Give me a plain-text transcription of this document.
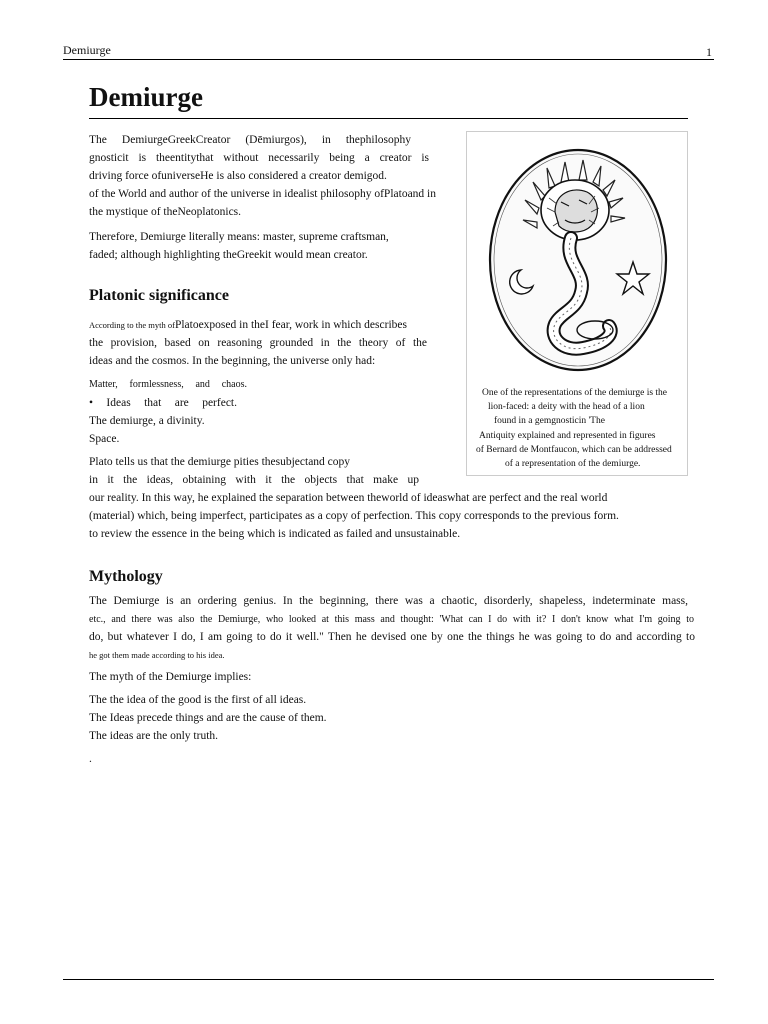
Demiurge	1
Demiurge
The DemiurgeGreekCreator (Dēmiurgos), in thephilosophy
gnosticit is theentitythat without necessarily being a creator is
driving force ofuniverseHe is also considered a creator demigod.
of the World and author of the universe in idealist philosophy ofPlatoand in
the mystique of theNeoplatonics.
Therefore, Demiurge literally means: master, supreme craftsman,
faded; although highlighting theGreekit would mean creator.
Platonic significance
According to the myth ofPlatoexposed in theI fear, work in which describes
the provision, based on reasoning grounded in the theory of the
ideas and the cosmos. In the beginning, the universe only had:
Matter, formlessness, and chaos.
• Ideas that are perfect.
The demiurge, a divinity.
Space.
Plato tells us that the demiurge pities thesubjectand copy
in it the ideas, obtaining with it the objects that make up
our reality. In this way, he explained the separation between theworld of ideaswhat are perfect and the real world
(material) which, being imperfect, participates as a copy of perfection. This copy corresponds to the previous form.
to review the essence in the being which is indicated as failed and unsustainable.
Mythology
The Demiurge is an ordering genius. In the beginning, there was a chaotic, disorderly, shapeless, indeterminate mass,
etc., and there was also the Demiurge, who looked at this mass and thought: 'What can I do with it? I don't know what I'm going to
do, but whatever I do, I am going to do it well." Then he devised one by one the things he was going to do and according to
he got them made according to his idea.
The myth of the Demiurge implies:
The the idea of the good is the first of all ideas.
The Ideas precede things and are the cause of them.
The ideas are the only truth.
.
One of the representations of the demiurge is the
lion-faced: a deity with the head of a lion
found in a gemgnosticin 'The
Antiquity explained and represented in figures
of Bernard de Montfaucon, which can be addressed
of a representation of the demiurge.
